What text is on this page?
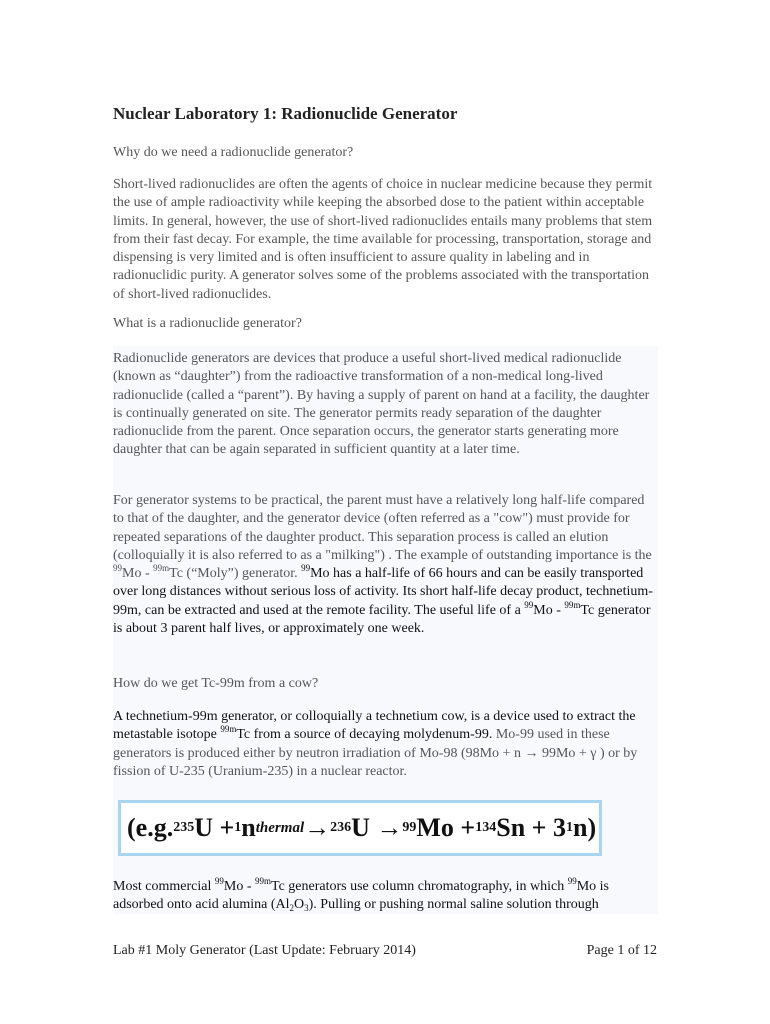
Nuclear Laboratory 1: Radionuclide Generator

Why do we need a radionuclide generator?

Short-lived radionuclides are often the agents of choice in nuclear medicine because they permit the use of ample radioactivity while keeping the absorbed dose to the patient within acceptable limits. In general, however, the use of short-lived radionuclides entails many problems that stem from their fast decay. For example, the time available for processing, transportation, storage and dispensing is very limited and is often insufficient to assure quality in labeling and in radionuclidic purity. A generator solves some of the problems associated with the transportation of short-lived radionuclides.

What is a radionuclide generator?

Radionuclide generators are devices that produce a useful short-lived medical radionuclide (known as “daughter”) from the radioactive transformation of a non-medical long-lived radionuclide (called a “parent”). By having a supply of parent on hand at a facility, the daughter is continually generated on site. The generator permits ready separation of the daughter radionuclide from the parent. Once separation occurs, the generator starts generating more daughter that can be again separated in sufficient quantity at a later time.

For generator systems to be practical, the parent must have a relatively long half-life compared to that of the daughter, and the generator device (often referred as a "cow") must provide for repeated separations of the daughter product. This separation process is called an elution (colloquially it is also referred to as a "milking") . The example of outstanding importance is the $^{99}$Mo - $^{99m}$Tc (“Moly”) generator. $^{99}$Mo has a half-life of 66 hours and can be easily transported over long distances without serious loss of activity. Its short half-life decay product, technetium-99m, can be extracted and used at the remote facility. The useful life of a $^{99}$Mo - $^{99m}$Tc generator is about 3 parent half lives, or approximately one week.

How do we get Tc-99m from a cow?

A technetium-99m generator, or colloquially a technetium cow, is a device used to extract the metastable isotope $^{99m}$Tc from a source of decaying molydenum-99. Mo-99 used in these generators is produced either by neutron irradiation of Mo-98 (98Mo + n → 99Mo + γ ) or by fission of U-235 (Uranium-235) in a nuclear reactor.

(e.g. 235 U + 1 n thermal → 236 U → 99 Mo + 134 Sn + 3 1 n)

Most commercial $^{99}$Mo - $^{99m}$Tc generators use column chromatography, in which $^{99}$Mo is adsorbed onto acid alumina $(Al_2O_3)$. Pulling or pushing normal saline solution through

Lab #1 Moly Generator (Last Update: February 2014)	Page 1 of 12
